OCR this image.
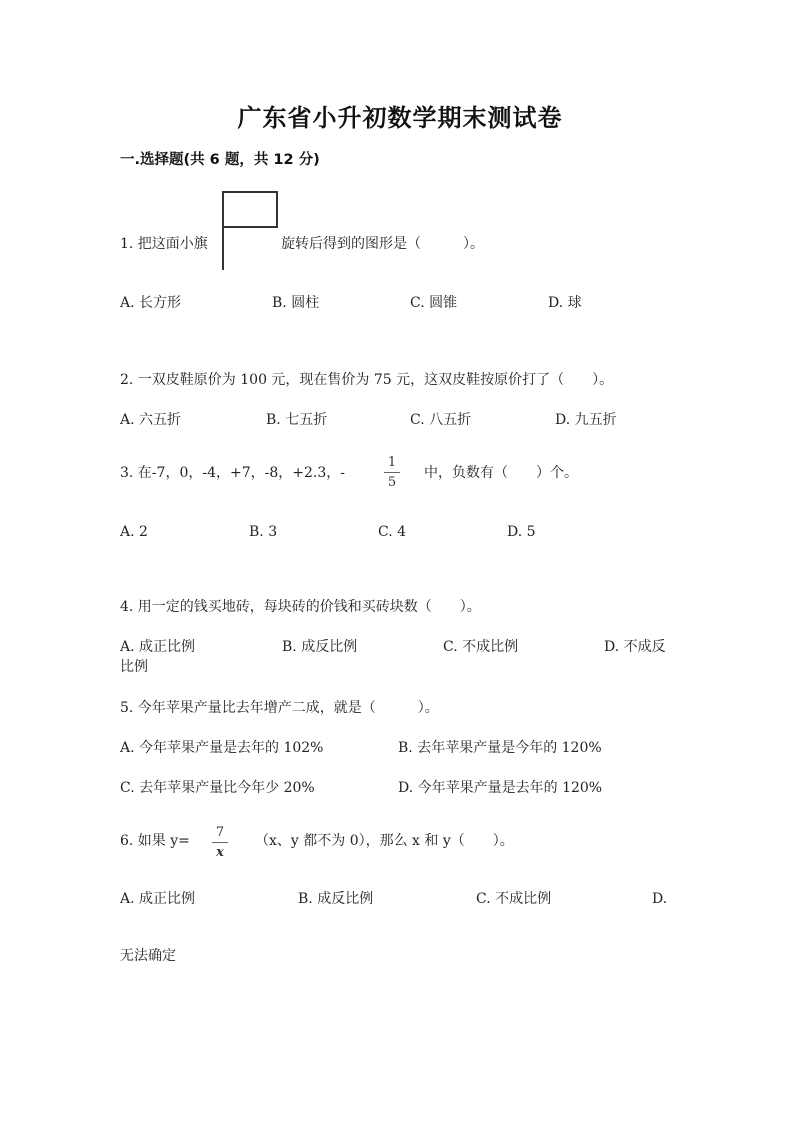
广东省小升初数学期末测试卷
一.选择题(共 6 题，共 12 分)
1. 把这面小旗	旋转后得到的图形是（　　　）。
A. 长方形	B. 圆柱	C. 圆锥	D. 球
2. 一双皮鞋原价为 100 元，现在售价为 75 元，这双皮鞋按原价打了（　　）。
A. 六五折	B. 七五折	C. 八五折	D. 九五折
3. 在-7，0，-4，+7，-8，+2.3，-
1
5
中，负数有（　　）个。
A. 2	B. 3	C. 4	D. 5
4. 用一定的钱买地砖，每块砖的价钱和买砖块数（　　）。
A. 成正比例	B. 成反比例	C. 不成比例	D. 不成反
比例
5. 今年苹果产量比去年增产二成，就是（　　　）。
A. 今年苹果产量是去年的 102%	B. 去年苹果产量是今年的 120%
C. 去年苹果产量比今年少 20%	D. 今年苹果产量是去年的 120%
6. 如果 y=
7
x
（x、y 都不为 0），那么 x 和 y（　　）。
A. 成正比例	B. 成反比例	C. 不成比例	D.
无法确定
